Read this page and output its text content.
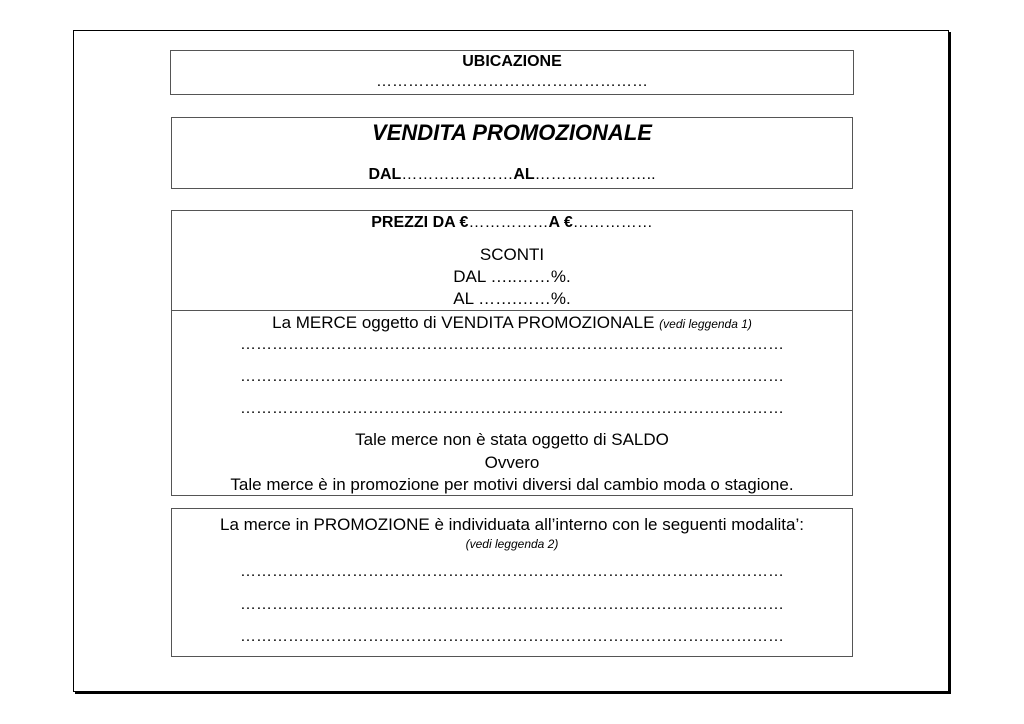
UBICAZIONE
……………………………………………
VENDITA PROMOZIONALE
DAL…………………AL…………………..
PREZZI DA €……………A €……………
SCONTI
DAL …..……%.
AL …….……%.
La MERCE oggetto di VENDITA PROMOZIONALE (vedi leggenda 1)
…………………………………………………………………………………………
…………………………………………………………………………………………
…………………………………………………………………………………………
Tale merce non è stata oggetto di SALDO
Ovvero
Tale merce è in promozione per motivi diversi dal cambio moda o stagione.
La merce in PROMOZIONE è individuata all’interno con le seguenti modalita’:
(vedi leggenda 2)
…………………………………………………………………………………………
…………………………………………………………………………………………
…………………………………………………………………………………………
